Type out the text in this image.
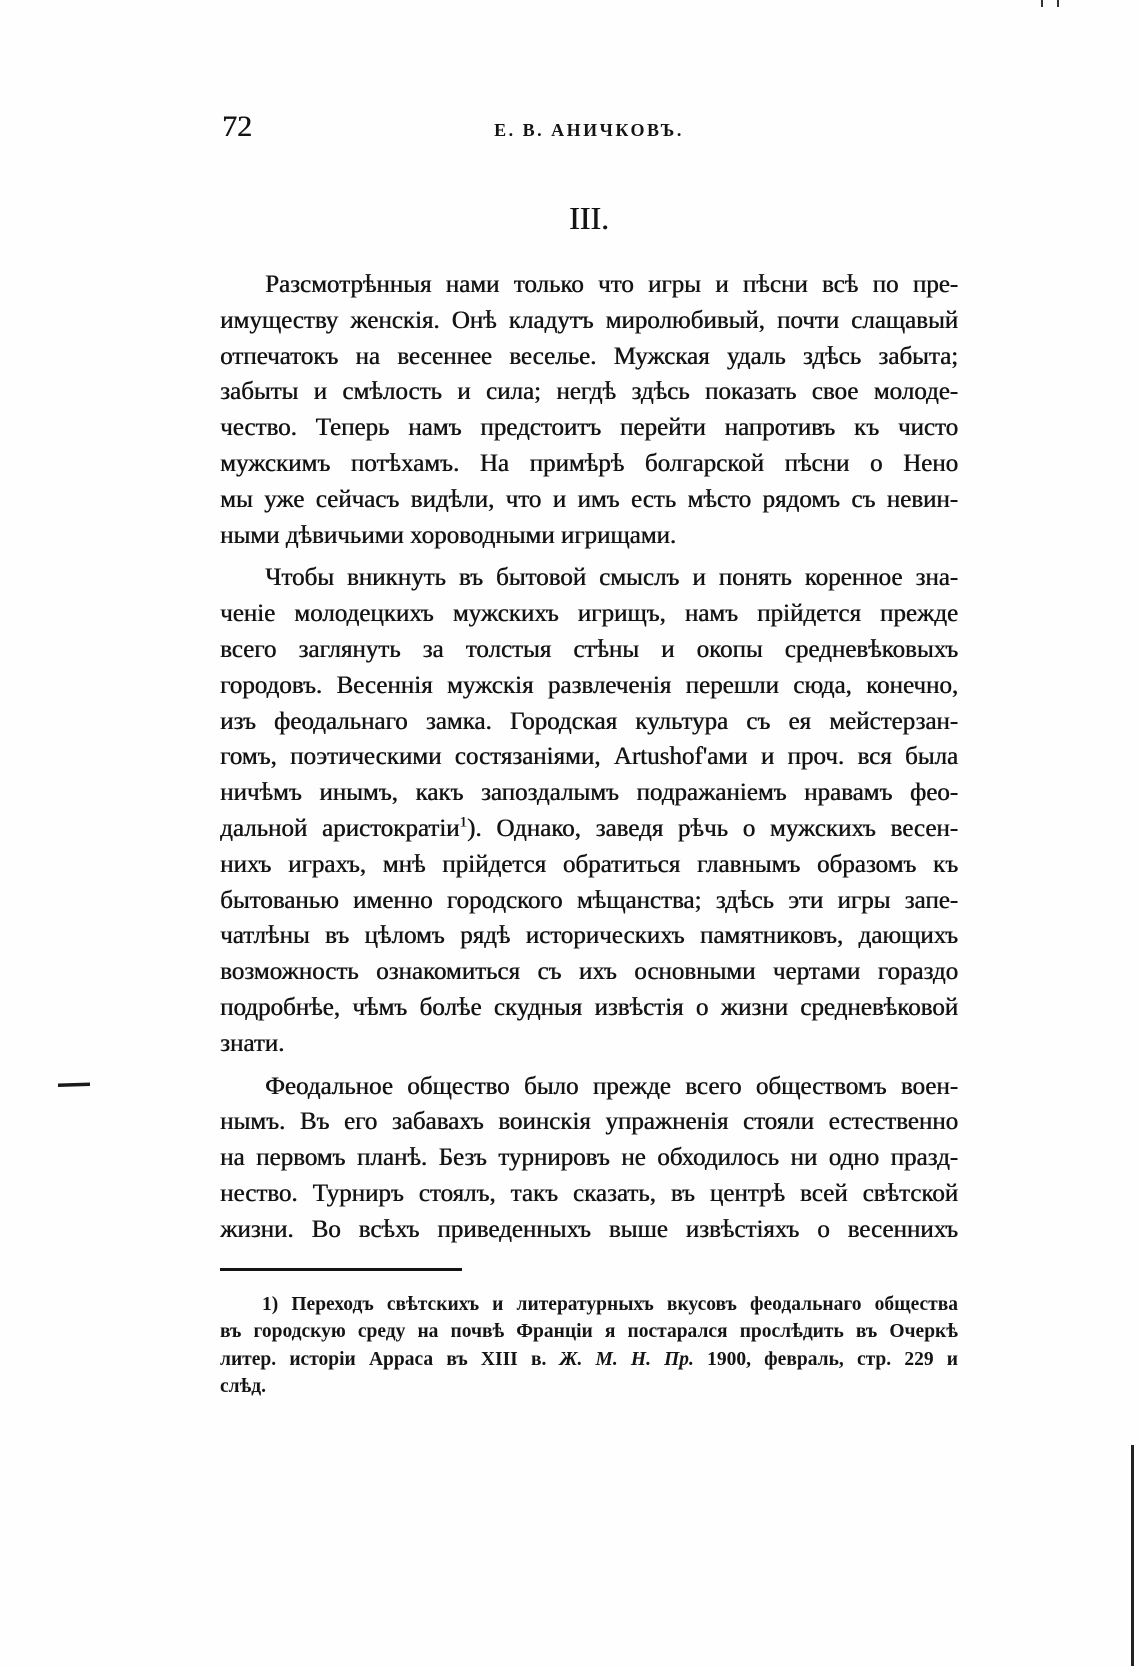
72	Е. В. АНИЧКОВЪ.
III.
Разсмотрѣнныя нами только что игры и пѣсни всѣ по пре-
имуществу женскія. Онѣ кладутъ миролюбивый, почти слащавый
отпечатокъ на весеннее веселье. Мужская удаль здѣсь забыта;
забыты и смѣлость и сила; негдѣ здѣсь показать свое молоде-
чество. Теперь намъ предстоитъ перейти напротивъ къ чисто
мужскимъ потѣхамъ. На примѣрѣ болгарской пѣсни о Нено
мы уже сейчасъ видѣли, что и имъ есть мѣсто рядомъ съ невин-
ными дѣвичьими хороводными игрищами.
Чтобы вникнуть въ бытовой смыслъ и понять коренное зна-
ченіе молодецкихъ мужскихъ игрищъ, намъ прійдется прежде
всего заглянуть за толстыя стѣны и окопы средневѣковыхъ
городовъ. Весеннія мужскія развлеченія перешли сюда, конечно,
изъ феодальнаго замка. Городская культура съ ея мейстерзан-
гомъ, поэтическими состязаніями, Artushof'ами и проч. вся была
ничѣмъ инымъ, какъ запоздалымъ подражаніемъ нравамъ фео-
дальной аристократіи$^1$). Однако, заведя рѣчь о мужскихъ весен-
нихъ играхъ, мнѣ прійдется обратиться главнымъ образомъ къ
бытованью именно городского мѣщанства; здѣсь эти игры запе-
чатлѣны въ цѣломъ рядѣ историческихъ памятниковъ, дающихъ
возможность ознакомиться съ ихъ основными чертами гораздо
подробнѣе, чѣмъ болѣе скудныя извѣстія о жизни средневѣковой
знати.
Феодальное общество было прежде всего обществомъ воен-
нымъ. Въ его забавахъ воинскія упражненія стояли естественно
на первомъ планѣ. Безъ турнировъ не обходилось ни одно празд-
нество. Турниръ стоялъ, такъ сказать, въ центрѣ всей свѣтской
жизни. Во всѣхъ приведенныхъ выше извѣстіяхъ о весеннихъ
1) Переходъ свѣтскихъ и литературныхъ вкусовъ феодальнаго общества
въ городскую среду на почвѣ Франціи я постарался прослѣдить въ Очеркѣ
литер. исторіи Арраса въ XIII в. Ж. М. Н. Пр. 1900, февраль, стр. 229 и
слѣд.
